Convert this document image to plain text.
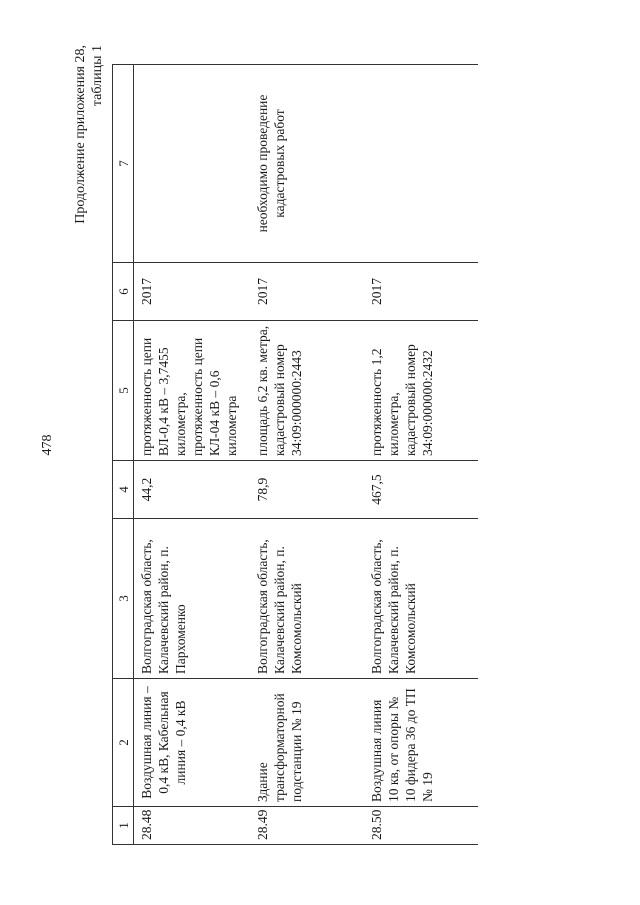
478
Продолжение приложения 28, таблицы 1
1	2	3	4	5	6	7
28.48	Воздушная линия – 0,4 кВ, Кабельная линия – 0,4 кВ	Волгоградская область, Калачевский район, п. Пархоменко	44,2	протяженность цепи ВЛ-0,4 кВ – 3,7455 километра, протяженность цепи КЛ-04 кВ – 0,6 километра	2017	
28.49	Здание трансформаторной подстанции № 19	Волгоградская область, Калачевский район, п. Комсомольский	78,9	площадь 6,2 кв. метра, кадастровый номер 34:09:000000:2443	2017	необходимо проведение кадастровых работ
28.50	Воздушная линия 10 кв, от опоры № 10 фидера 36 до ТП № 19	Волгоградская область, Калачевский район, п. Комсомольский	467,5	протяженность 1,2 километра, кадастровый номер 34:09:000000:2432	2017	
